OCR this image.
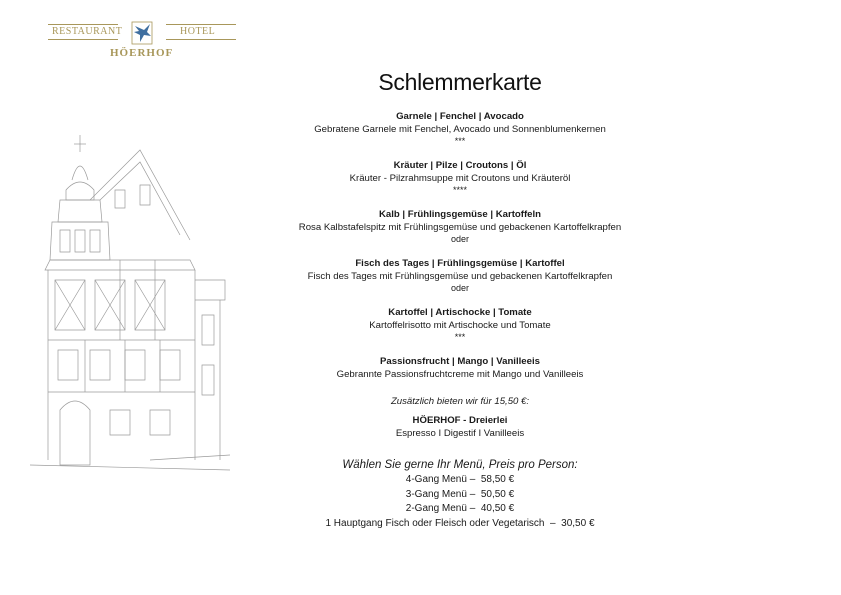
RESTAURANT	HOTEL
HÖERHOF
Schlemmerkarte
Garnele | Fenchel | Avocado
Gebratene Garnele mit Fenchel, Avocado und Sonnenblumenkernen
***
Kräuter | Pilze | Croutons | Öl
Kräuter - Pilzrahmsuppe mit Croutons und Kräuteröl
****
Kalb | Frühlingsgemüse | Kartoffeln
Rosa Kalbstafelspitz mit Frühlingsgemüse und gebackenen Kartoffelkrapfen
oder
Fisch des Tages | Frühlingsgemüse | Kartoffel
Fisch des Tages mit Frühlingsgemüse und gebackenen Kartoffelkrapfen
oder
Kartoffel | Artischocke | Tomate
Kartoffelrisotto mit Artischocke und Tomate
***
Passionsfrucht | Mango | Vanilleeis
Gebrannte Passionsfruchtcreme mit Mango und Vanilleeis
Zusätzlich bieten wir für 15,50 €:
HÖERHOF - Dreierlei
Espresso I Digestif I Vanilleeis
Wählen Sie gerne Ihr Menü, Preis pro Person:
4-Gang Menü –  58,50 €
3-Gang Menü –  50,50 €
2-Gang Menü –  40,50 €
1 Hauptgang Fisch oder Fleisch oder Vegetarisch  –  30,50 €
